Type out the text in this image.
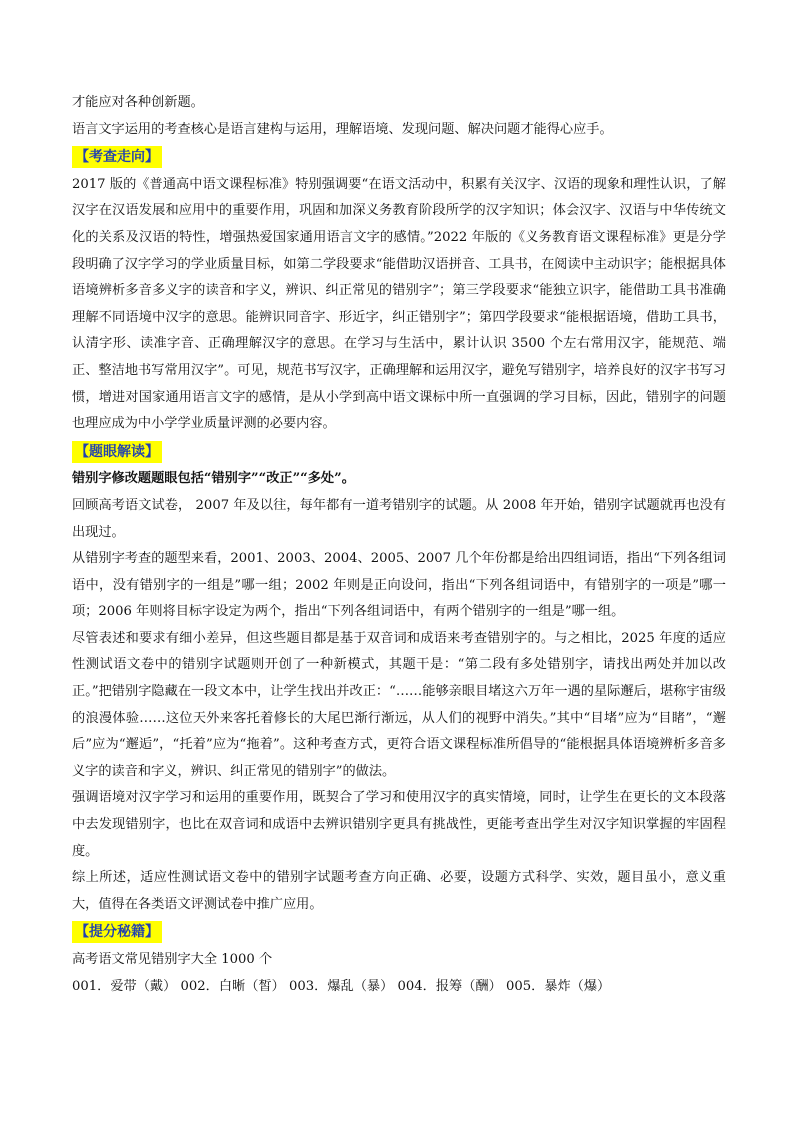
才能应对各种创新题。

语言文字运用的考查核心是语言建构与运用，理解语境、发现问题、解决问题才能得心应手。

【考查走向】

2017 版的《普通高中语文课程标准》特别强调要“在语文活动中，积累有关汉字、汉语的现象和理性认识，了解汉字在汉语发展和应用中的重要作用，巩固和加深义务教育阶段所学的汉字知识；体会汉字、汉语与中华传统文化的关系及汉语的特性，增强热爱国家通用语言文字的感情。”2022 年版的《义务教育语文课程标准》更是分学段明确了汉字学习的学业质量目标，如第二学段要求“能借助汉语拼音、工具书，在阅读中主动识字；能根据具体语境辨析多音多义字的读音和字义，辨识、纠正常见的错别字”；第三学段要求“能独立识字，能借助工具书准确理解不同语境中汉字的意思。能辨识同音字、形近字，纠正错别字”；第四学段要求“能根据语境，借助工具书，认清字形、读准字音、正确理解汉字的意思。在学习与生活中，累计认识 3500 个左右常用汉字，能规范、端正、整洁地书写常用汉字”。可见，规范书写汉字，正确理解和运用汉字，避免写错别字，培养良好的汉字书写习惯，增进对国家通用语言文字的感情，是从小学到高中语文课标中所一直强调的学习目标，因此，错别字的问题也理应成为中小学学业质量评测的必要内容。

【题眼解读】

错别字修改题题眼包括“错别字”“改正”“多处”。

回顾高考语文试卷， 2007 年及以往，每年都有一道考错别字的试题。从 2008 年开始，错别字试题就再也没有出现过。

从错别字考查的题型来看，2001、2003、2004、2005、2007 几个年份都是给出四组词语，指出“下列各组词语中，没有错别字的一组是”哪一组；2002 年则是正向设问，指出“下列各组词语中，有错别字的一项是”哪一项；2006 年则将目标字设定为两个，指出“下列各组词语中，有两个错别字的一组是”哪一组。

尽管表述和要求有细小差异，但这些题目都是基于双音词和成语来考查错别字的。与之相比，2025 年度的适应性测试语文卷中的错别字试题则开创了一种新模式，其题干是：“第二段有多处错别字，请找出两处并加以改正。”把错别字隐藏在一段文本中，让学生找出并改正：“……能够亲眼目堵这六万年一遇的星际邂后，堪称宇宙级的浪漫体验……这位天外来客托着修长的大尾巴渐行渐远，从人们的视野中消失。”其中“目堵”应为“目睹”，“邂后”应为“邂逅”，“托着”应为“拖着”。这种考查方式，更符合语文课程标准所倡导的“能根据具体语境辨析多音多义字的读音和字义，辨识、纠正常见的错别字”的做法。

强调语境对汉字学习和运用的重要作用，既契合了学习和使用汉字的真实情境，同时，让学生在更长的文本段落中去发现错别字，也比在双音词和成语中去辨识错别字更具有挑战性，更能考查出学生对汉字知识掌握的牢固程度。

综上所述，适应性测试语文卷中的错别字试题考查方向正确、必要，设题方式科学、实效，题目虽小，意义重大，值得在各类语文评测试卷中推广应用。

【提分秘籍】

高考语文常见错别字大全 1000 个

001．爱带（戴） 002．白晰（皙） 003．爆乱（暴） 004．报筹（酬） 005．暴炸（爆）
